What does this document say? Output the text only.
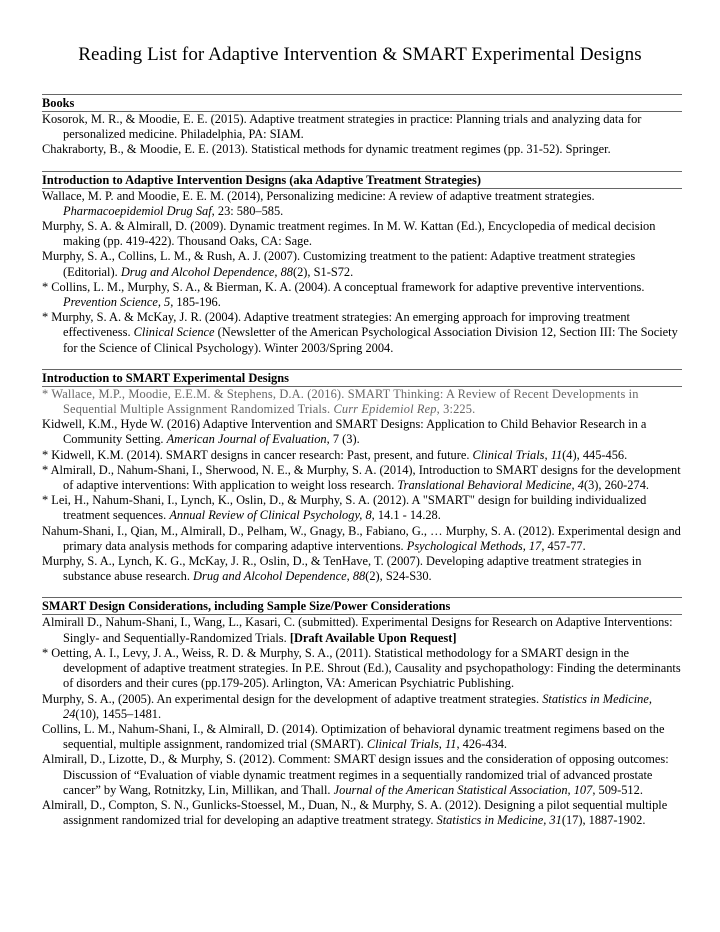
Reading List for Adaptive Intervention & SMART Experimental Designs
Books
Kosorok, M. R., & Moodie, E. E. (2015). Adaptive treatment strategies in practice: Planning trials and analyzing data for personalized medicine. Philadelphia, PA: SIAM.
Chakraborty, B., & Moodie, E. E. (2013). Statistical methods for dynamic treatment regimes (pp. 31-52). Springer.
Introduction to Adaptive Intervention Designs (aka Adaptive Treatment Strategies)
Wallace, M. P. and Moodie, E. E. M. (2014), Personalizing medicine: A review of adaptive treatment strategies. Pharmacoepidemiol Drug Saf, 23: 580–585.
Murphy, S. A. & Almirall, D. (2009). Dynamic treatment regimes. In M. W. Kattan (Ed.), Encyclopedia of medical decision making (pp. 419-422). Thousand Oaks, CA: Sage.
Murphy, S. A., Collins, L. M., & Rush, A. J. (2007). Customizing treatment to the patient: Adaptive treatment strategies (Editorial). Drug and Alcohol Dependence, 88(2), S1-S72.
* Collins, L. M., Murphy, S. A., & Bierman, K. A. (2004). A conceptual framework for adaptive preventive interventions. Prevention Science, 5, 185-196.
* Murphy, S. A. & McKay, J. R. (2004). Adaptive treatment strategies: An emerging approach for improving treatment effectiveness. Clinical Science (Newsletter of the American Psychological Association Division 12, Section III: The Society for the Science of Clinical Psychology). Winter 2003/Spring 2004.
Introduction to SMART Experimental Designs
* Wallace, M.P., Moodie, E.E.M. & Stephens, D.A. (2016). SMART Thinking: A Review of Recent Developments in Sequential Multiple Assignment Randomized Trials. Curr Epidemiol Rep, 3:225.
Kidwell, K.M., Hyde W. (2016) Adaptive Intervention and SMART Designs: Application to Child Behavior Research in a Community Setting. American Journal of Evaluation, 7 (3).
* Kidwell, K.M. (2014). SMART designs in cancer research: Past, present, and future. Clinical Trials, 11(4), 445-456.
* Almirall, D., Nahum-Shani, I., Sherwood, N. E., & Murphy, S. A. (2014), Introduction to SMART designs for the development of adaptive interventions: With application to weight loss research. Translational Behavioral Medicine, 4(3), 260-274.
* Lei, H., Nahum-Shani, I., Lynch, K., Oslin, D., & Murphy, S. A. (2012). A "SMART" design for building individualized treatment sequences. Annual Review of Clinical Psychology, 8, 14.1 - 14.28.
Nahum-Shani, I., Qian, M., Almirall, D., Pelham, W., Gnagy, B., Fabiano, G., … Murphy, S. A. (2012). Experimental design and primary data analysis methods for comparing adaptive interventions. Psychological Methods, 17, 457-77.
Murphy, S. A., Lynch, K. G., McKay, J. R., Oslin, D., & TenHave, T. (2007). Developing adaptive treatment strategies in substance abuse research. Drug and Alcohol Dependence, 88(2), S24-S30.
SMART Design Considerations, including Sample Size/Power Considerations
Almirall D., Nahum-Shani, I., Wang, L., Kasari, C. (submitted). Experimental Designs for Research on Adaptive Interventions: Singly- and Sequentially-Randomized Trials. [Draft Available Upon Request]
* Oetting, A. I., Levy, J. A., Weiss, R. D. & Murphy, S. A., (2011). Statistical methodology for a SMART design in the development of adaptive treatment strategies. In P.E. Shrout (Ed.), Causality and psychopathology: Finding the determinants of disorders and their cures (pp.179-205). Arlington, VA: American Psychiatric Publishing.
Murphy, S. A., (2005). An experimental design for the development of adaptive treatment strategies. Statistics in Medicine, 24(10), 1455–1481.
Collins, L. M., Nahum-Shani, I., & Almirall, D. (2014). Optimization of behavioral dynamic treatment regimens based on the sequential, multiple assignment, randomized trial (SMART). Clinical Trials, 11, 426-434.
Almirall, D., Lizotte, D., & Murphy, S. (2012). Comment: SMART design issues and the consideration of opposing outcomes: Discussion of “Evaluation of viable dynamic treatment regimes in a sequentially randomized trial of advanced prostate cancer” by Wang, Rotnitzky, Lin, Millikan, and Thall. Journal of the American Statistical Association, 107, 509-512.
Almirall, D., Compton, S. N., Gunlicks-Stoessel, M., Duan, N., & Murphy, S. A. (2012). Designing a pilot sequential multiple assignment randomized trial for developing an adaptive treatment strategy. Statistics in Medicine, 31(17), 1887-1902.
